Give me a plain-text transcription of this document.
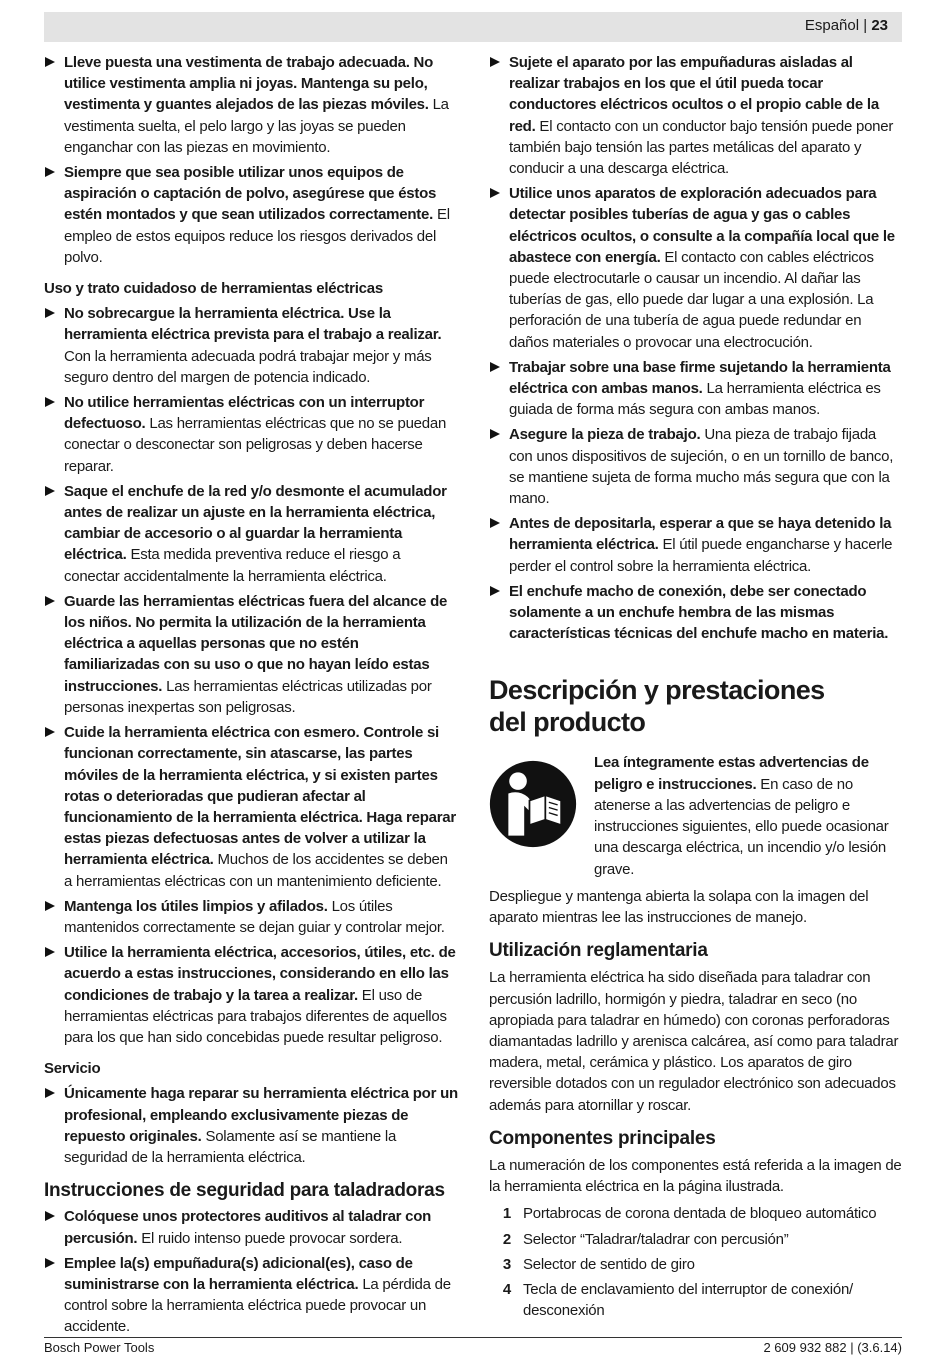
Español | 23
Lleve puesta una vestimenta de trabajo adecuada. No utilice vestimenta amplia ni joyas. Mantenga su pelo, vestimenta y guantes alejados de las piezas móviles. La vestimenta suelta, el pelo largo y las joyas se pueden enganchar con las piezas en movimiento.
Siempre que sea posible utilizar unos equipos de aspiración o captación de polvo, asegúrese que éstos estén montados y que sean utilizados correctamente. El empleo de estos equipos reduce los riesgos derivados del polvo.
Uso y trato cuidadoso de herramientas eléctricas
No sobrecargue la herramienta eléctrica. Use la herramienta eléctrica prevista para el trabajo a realizar. Con la herramienta adecuada podrá trabajar mejor y más seguro dentro del margen de potencia indicado.
No utilice herramientas eléctricas con un interruptor defectuoso. Las herramientas eléctricas que no se puedan conectar o desconectar son peligrosas y deben hacerse reparar.
Saque el enchufe de la red y/o desmonte el acumulador antes de realizar un ajuste en la herramienta eléctrica, cambiar de accesorio o al guardar la herramienta eléctrica. Esta medida preventiva reduce el riesgo a conectar accidentalmente la herramienta eléctrica.
Guarde las herramientas eléctricas fuera del alcance de los niños. No permita la utilización de la herramienta eléctrica a aquellas personas que no estén familiarizadas con su uso o que no hayan leído estas instrucciones. Las herramientas eléctricas utilizadas por personas inexpertas son peligrosas.
Cuide la herramienta eléctrica con esmero. Controle si funcionan correctamente, sin atascarse, las partes móviles de la herramienta eléctrica, y si existen partes rotas o deterioradas que pudieran afectar al funcionamiento de la herramienta eléctrica. Haga reparar estas piezas defectuosas antes de volver a utilizar la herramienta eléctrica. Muchos de los accidentes se deben a herramientas eléctricas con un mantenimiento deficiente.
Mantenga los útiles limpios y afilados. Los útiles mantenidos correctamente se dejan guiar y controlar mejor.
Utilice la herramienta eléctrica, accesorios, útiles, etc. de acuerdo a estas instrucciones, considerando en ello las condiciones de trabajo y la tarea a realizar. El uso de herramientas eléctricas para trabajos diferentes de aquellos para los que han sido concebidas puede resultar peligroso.
Servicio
Únicamente haga reparar su herramienta eléctrica por un profesional, empleando exclusivamente piezas de repuesto originales. Solamente así se mantiene la seguridad de la herramienta eléctrica.
Instrucciones de seguridad para taladradoras
Colóquese unos protectores auditivos al taladrar con percusión. El ruido intenso puede provocar sordera.
Emplee la(s) empuñadura(s) adicional(es), caso de suministrarse con la herramienta eléctrica. La pérdida de control sobre la herramienta eléctrica puede provocar un accidente.
Sujete el aparato por las empuñaduras aisladas al realizar trabajos en los que el útil pueda tocar conductores eléctricos ocultos o el propio cable de la red. El contacto con un conductor bajo tensión puede poner también bajo tensión las partes metálicas del aparato y conducir a una descarga eléctrica.
Utilice unos aparatos de exploración adecuados para detectar posibles tuberías de agua y gas o cables eléctricos ocultos, o consulte a la compañía local que le abastece con energía. El contacto con cables eléctricos puede electrocutarle o causar un incendio. Al dañar las tuberías de gas, ello puede dar lugar a una explosión. La perforación de una tubería de agua puede redundar en daños materiales o provocar una electrocución.
Trabajar sobre una base firme sujetando la herramienta eléctrica con ambas manos. La herramienta eléctrica es guiada de forma más segura con ambas manos.
Asegure la pieza de trabajo. Una pieza de trabajo fijada con unos dispositivos de sujeción, o en un tornillo de banco, se mantiene sujeta de forma mucho más segura que con la mano.
Antes de depositarla, esperar a que se haya detenido la herramienta eléctrica. El útil puede engancharse y hacerle perder el control sobre la herramienta eléctrica.
El enchufe macho de conexión, debe ser conectado solamente a un enchufe hembra de las mismas características técnicas del enchufe macho en materia.
Descripción y prestaciones
del producto
Lea íntegramente estas advertencias de peligro e instrucciones. En caso de no atenerse a las advertencias de peligro e instrucciones siguientes, ello puede ocasionar una descarga eléctrica, un incendio y/o lesión grave.
Despliegue y mantenga abierta la solapa con la imagen del aparato mientras lee las instrucciones de manejo.
Utilización reglamentaria
La herramienta eléctrica ha sido diseñada para taladrar con percusión ladrillo, hormigón y piedra, taladrar en seco (no apropiada para taladrar en húmedo) con coronas perforadoras diamantadas ladrillo y arenisca calcárea, así como para taladrar madera, metal, cerámica y plástico. Los aparatos de giro reversible dotados con un regulador electrónico son adecuados además para atornillar y roscar.
Componentes principales
La numeración de los componentes está referida a la imagen de la herramienta eléctrica en la página ilustrada.
1 Portabrocas de corona dentada de bloqueo automático
2 Selector “Taladrar/taladrar con percusión”
3 Selector de sentido de giro
4 Tecla de enclavamiento del interruptor de conexión/ desconexión
Bosch Power Tools	2 609 932 882 | (3.6.14)
